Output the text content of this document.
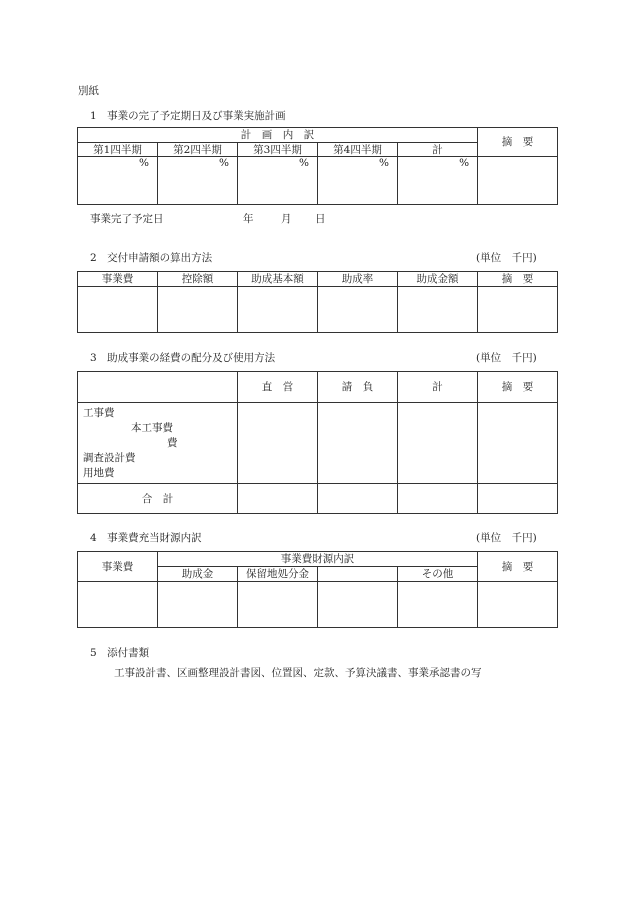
別紙
1　事業の完了予定期日及び事業実施計画
計　画　内　訳					摘　要
第1四半期	第2四半期	第3四半期	第4四半期	計	
%	%	%	%	%	
事業完了予定日	年	月 日
2　交付申請額の算出方法	(単位　千円)
事業費	控除額	助成基本額	助成率	助成金額	摘　要

3　助成事業の経費の配分及び使用方法	(単位　千円)
	直　営	請　負	計	摘　要

工事費
本工事費
費
調査設計費
用地費				

合　計				
4　事業費充当財源内訳	(単位　千円)
事業費	事業費財源内訳				摘　要
	助成金	保留地処分金		その他	

5　添付書類
工事設計書、区画整理設計書図、位置図、定款、予算決議書、事業承認書の写
